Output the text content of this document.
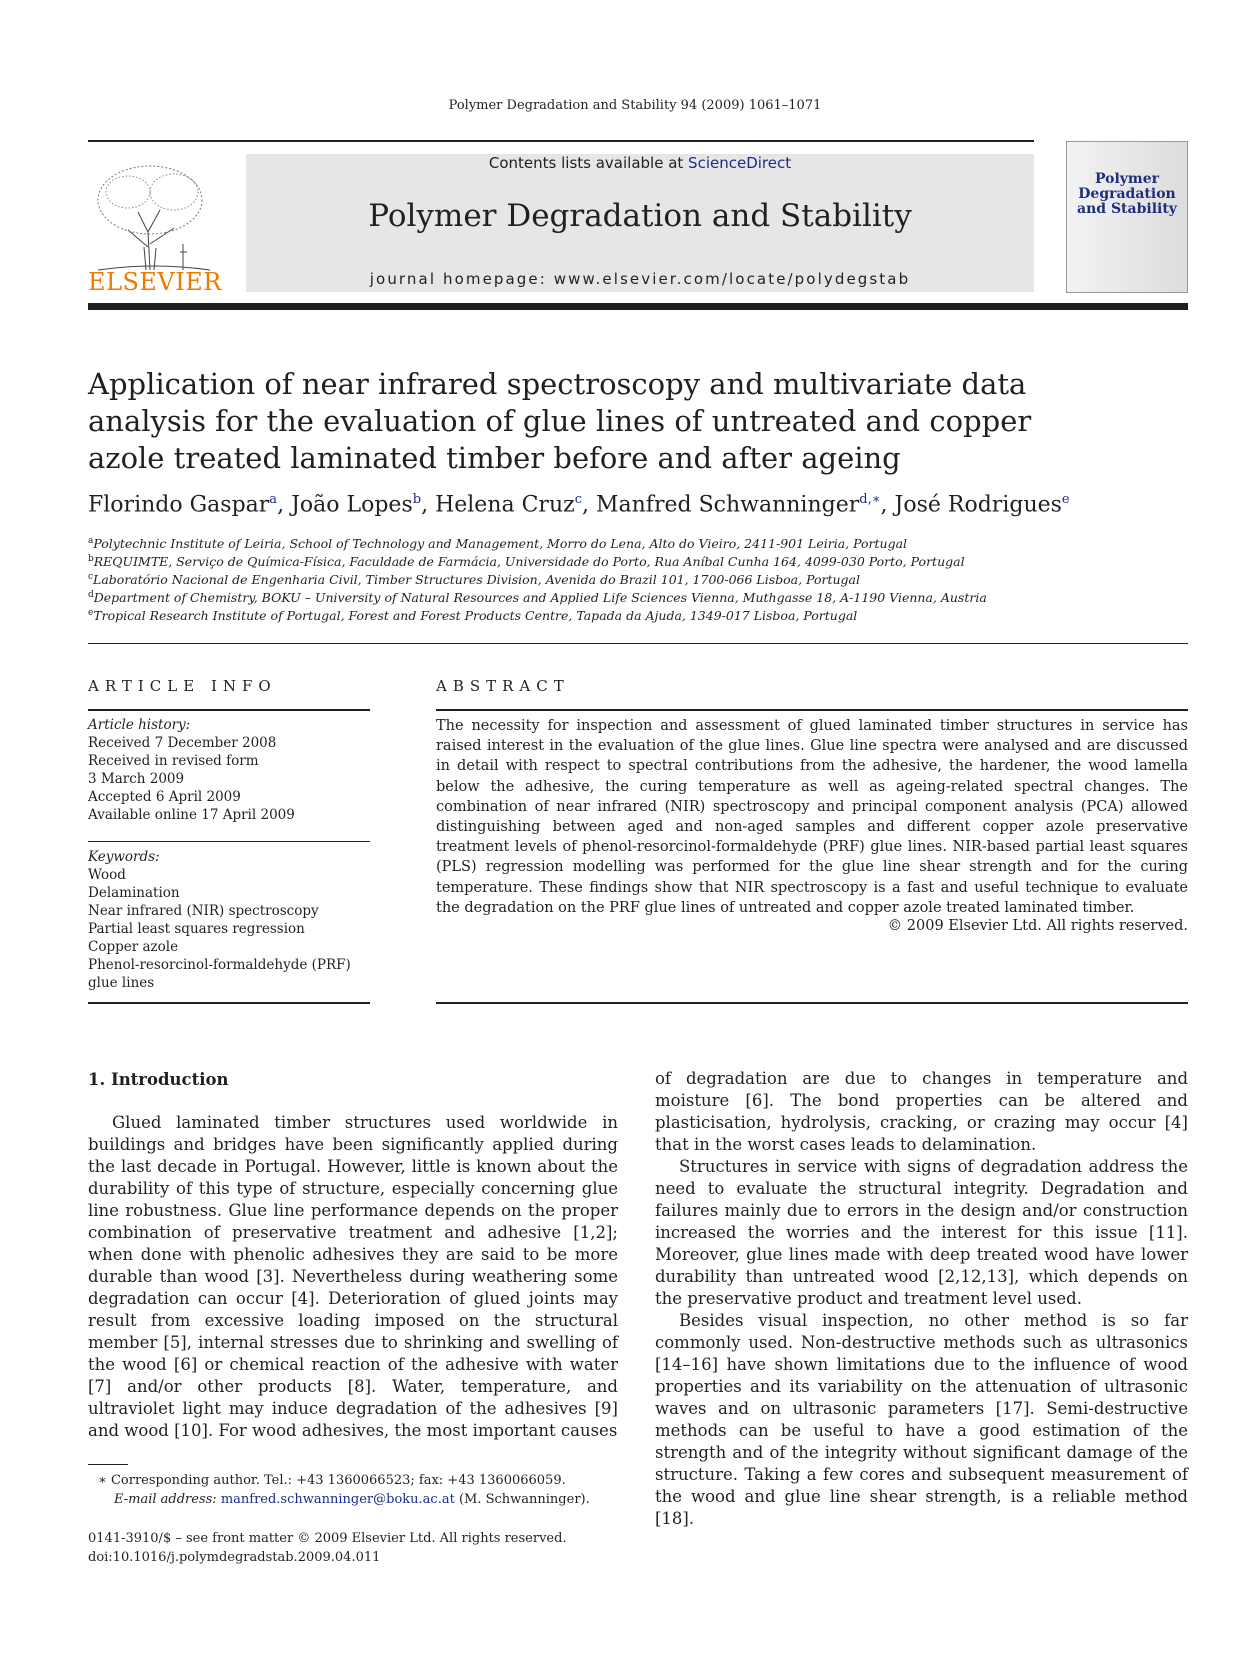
Polymer Degradation and Stability 94 (2009) 1061–1071
ELSEVIER
Contents lists available at ScienceDirect
Polymer Degradation and Stability
journal homepage: www.elsevier.com/locate/polydegstab
Polymer Degradation and Stability
Application of near infrared spectroscopy and multivariate data analysis for the evaluation of glue lines of untreated and copper azole treated laminated timber before and after ageing
Florindo Gaspar$^a$, João Lopes$^b$, Helena Cruz$^c$, Manfred Schwanninger$^{d,∗}$, José Rodrigues$^e$
$^a$Polytechnic Institute of Leiria, School of Technology and Management, Morro do Lena, Alto do Vieiro, 2411-901 Leiria, Portugal
$^b$REQUIMTE, Serviço de Química-Física, Faculdade de Farmácia, Universidade do Porto, Rua Aníbal Cunha 164, 4099-030 Porto, Portugal
$^c$Laboratório Nacional de Engenharia Civil, Timber Structures Division, Avenida do Brazil 101, 1700-066 Lisboa, Portugal
$^d$Department of Chemistry, BOKU – University of Natural Resources and Applied Life Sciences Vienna, Muthgasse 18, A-1190 Vienna, Austria
$^e$Tropical Research Institute of Portugal, Forest and Forest Products Centre, Tapada da Ajuda, 1349-017 Lisboa, Portugal
ARTICLE INFO
Article history:
Received 7 December 2008
Received in revised form
3 March 2009
Accepted 6 April 2009
Available online 17 April 2009
Keywords:
Wood
Delamination
Near infrared (NIR) spectroscopy
Partial least squares regression
Copper azole
Phenol-resorcinol-formaldehyde (PRF) glue lines
ABSTRACT
The necessity for inspection and assessment of glued laminated timber structures in service has raised interest in the evaluation of the glue lines. Glue line spectra were analysed and are discussed in detail with respect to spectral contributions from the adhesive, the hardener, the wood lamella below the adhesive, the curing temperature as well as ageing-related spectral changes. The combination of near infrared (NIR) spectroscopy and principal component analysis (PCA) allowed distinguishing between aged and non-aged samples and different copper azole preservative treatment levels of phenol-resorcinol-formaldehyde (PRF) glue lines. NIR-based partial least squares (PLS) regression modelling was performed for the glue line shear strength and for the curing temperature. These findings show that NIR spectroscopy is a fast and useful technique to evaluate the degradation on the PRF glue lines of untreated and copper azole treated laminated timber.
© 2009 Elsevier Ltd. All rights reserved.
1. Introduction

Glued laminated timber structures used worldwide in buildings and bridges have been significantly applied during the last decade in Portugal. However, little is known about the durability of this type of structure, especially concerning glue line robustness. Glue line performance depends on the proper combination of preservative treatment and adhesive [1,2]; when done with phenolic adhesives they are said to be more durable than wood [3]. Nevertheless during weathering some degradation can occur [4]. Deterioration of glued joints may result from excessive loading imposed on the structural member [5], internal stresses due to shrinking and swelling of the wood [6] or chemical reaction of the adhesive with water [7] and/or other products [8]. Water, temperature, and ultraviolet light may induce degradation of the adhesives [9] and wood [10]. For wood adhesives, the most important causes

of degradation are due to changes in temperature and moisture [6]. The bond properties can be altered and plasticisation, hydrolysis, cracking, or crazing may occur [4] that in the worst cases leads to delamination.

Structures in service with signs of degradation address the need to evaluate the structural integrity. Degradation and failures mainly due to errors in the design and/or construction increased the worries and the interest for this issue [11]. Moreover, glue lines made with deep treated wood have lower durability than untreated wood [2,12,13], which depends on the preservative product and treatment level used.

Besides visual inspection, no other method is so far commonly used. Non-destructive methods such as ultrasonics [14–16] have shown limitations due to the influence of wood properties and its variability on the attenuation of ultrasonic waves and on ultrasonic parameters [17]. Semi-destructive methods can be useful to have a good estimation of the strength and of the integrity without significant damage of the structure. Taking a few cores and subsequent measurement of the wood and glue line shear strength, is a reliable method [18].

∗ Corresponding author. Tel.: +43 1360066523; fax: +43 1360066059.
E-mail address: manfred.schwanninger@boku.ac.at (M. Schwanninger).
0141-3910/$ – see front matter © 2009 Elsevier Ltd. All rights reserved.
doi:10.1016/j.polymdegradstab.2009.04.011
